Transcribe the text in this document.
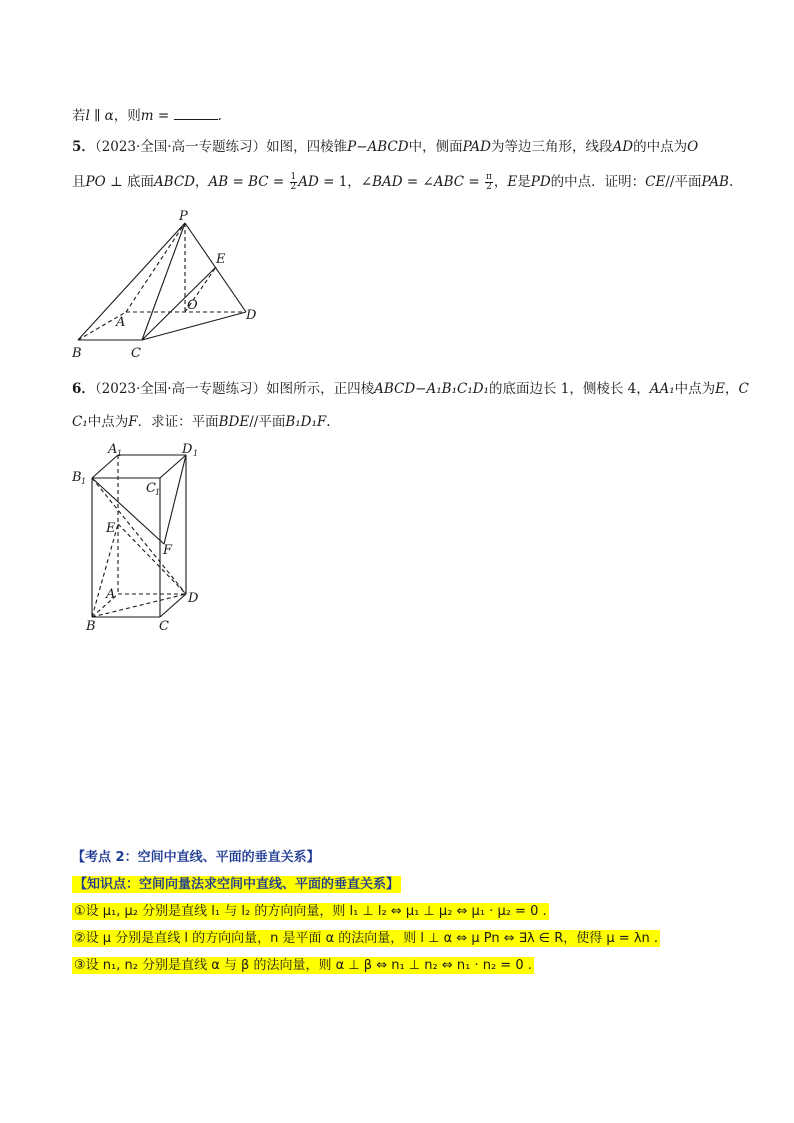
若l ∥ α，则m =	.
5．（2023·全国·高一专题练习）如图，四棱锥P−ABCD中，侧面PAD为等边三角形，线段AD的中点为O
且PO ⊥ 底面ABCD，AB = BC = $\frac{1}{2}$ AD = 1，∠BAD = ∠ABC = $\frac{\pi}{2}$ ，E是PD的中点．证明：CE//平面PAB.
P
E
O
A	D
B	C
6．（2023·全国·高一专题练习）如图所示，正四棱ABCD−A₁B₁C₁D₁的底面边长 1，侧棱长 4，AA₁中点为E，C
C₁中点为F．求证：平面BDE//平面B₁D₁F.
A 1	D 1
B 1	C 1
E
F
A	D
B	C
【考点 2：空间中直线、平面的垂直关系】
【知识点：空间向量法求空间中直线、平面的垂直关系】
①设 μ₁, μ₂ 分别是直线 l₁ 与 l₂ 的方向向量，则 l₁ ⊥ l₂ ⇔ μ₁ ⊥ μ₂ ⇔ μ₁ · μ₂ = 0 .
②设 μ 分别是直线 l 的方向向量，n 是平面 α 的法向量，则 l ⊥ α ⇔ μ Pn ⇔ ∃λ ∈ R，使得 μ = λn .
③设 n₁, n₂ 分别是直线 α 与 β 的法向量，则 α ⊥ β ⇔ n₁ ⊥ n₂ ⇔ n₁ · n₂ = 0 .
